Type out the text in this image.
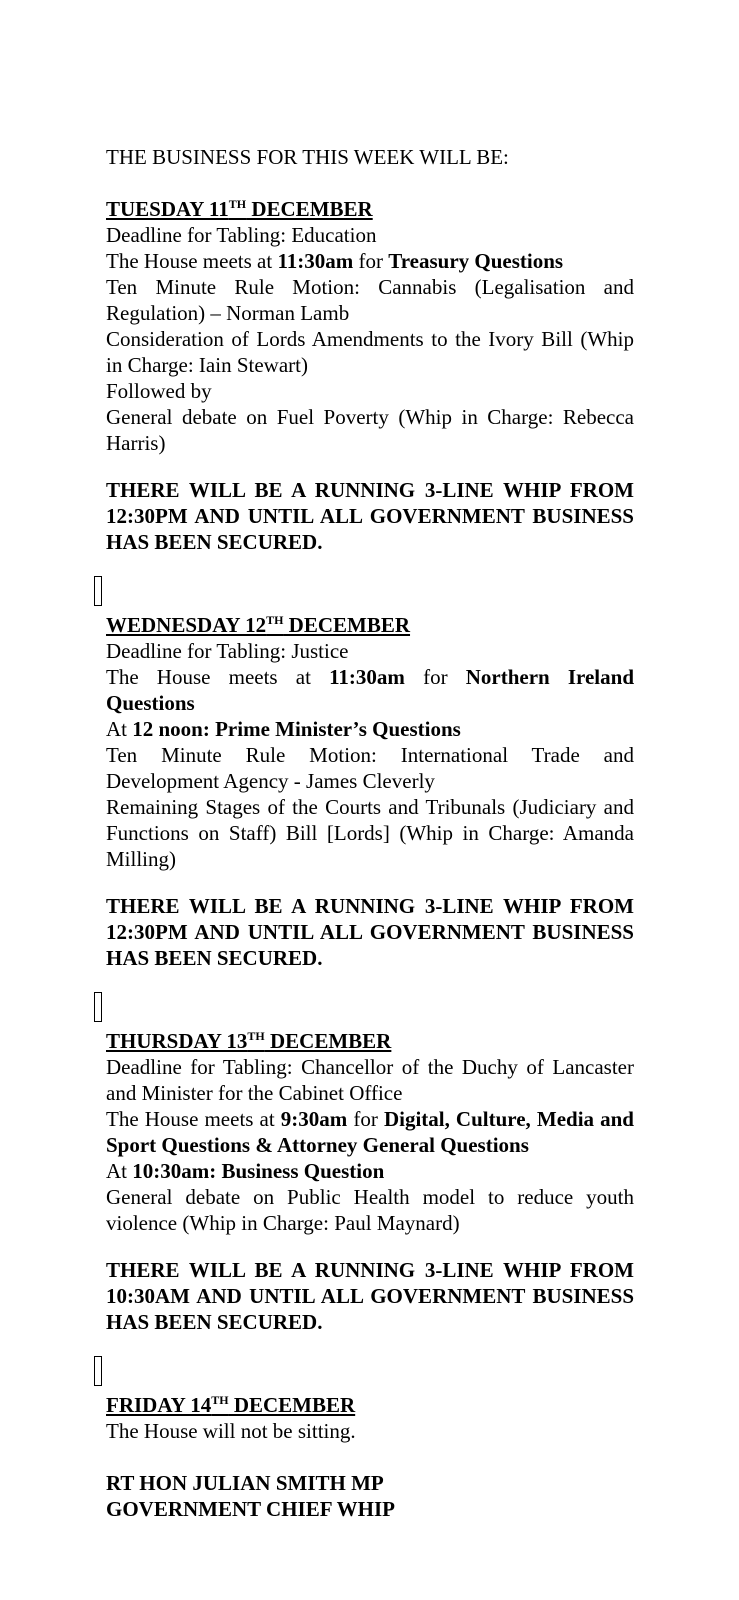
THE BUSINESS FOR THIS WEEK WILL BE:

TUESDAY 11TH DECEMBER

Deadline for Tabling: Education

The House meets at 11:30am for Treasury Questions

Ten Minute Rule Motion: Cannabis (Legalisation and Regulation) – Norman Lamb

Consideration of Lords Amendments to the Ivory Bill (Whip in Charge: Iain Stewart)

Followed by

General debate on Fuel Poverty (Whip in Charge: Rebecca Harris)

THERE WILL BE A RUNNING 3-LINE WHIP FROM 12:30PM AND UNTIL ALL GOVERNMENT BUSINESS HAS BEEN SECURED.

WEDNESDAY 12TH DECEMBER

Deadline for Tabling: Justice

The House meets at 11:30am for Northern Ireland Questions

At 12 noon: Prime Minister’s Questions

Ten Minute Rule Motion: International Trade and Development Agency - James Cleverly

Remaining Stages of the Courts and Tribunals (Judiciary and Functions on Staff) Bill [Lords] (Whip in Charge: Amanda Milling)

THERE WILL BE A RUNNING 3-LINE WHIP FROM 12:30PM AND UNTIL ALL GOVERNMENT BUSINESS HAS BEEN SECURED.

THURSDAY 13TH DECEMBER

Deadline for Tabling: Chancellor of the Duchy of Lancaster and Minister for the Cabinet Office

The House meets at 9:30am for Digital, Culture, Media and Sport Questions & Attorney General Questions

At 10:30am: Business Question

General debate on Public Health model to reduce youth violence (Whip in Charge: Paul Maynard)

THERE WILL BE A RUNNING 3-LINE WHIP FROM 10:30AM AND UNTIL ALL GOVERNMENT BUSINESS HAS BEEN SECURED.

FRIDAY 14TH DECEMBER

The House will not be sitting.

RT HON JULIAN SMITH MP

GOVERNMENT CHIEF WHIP
